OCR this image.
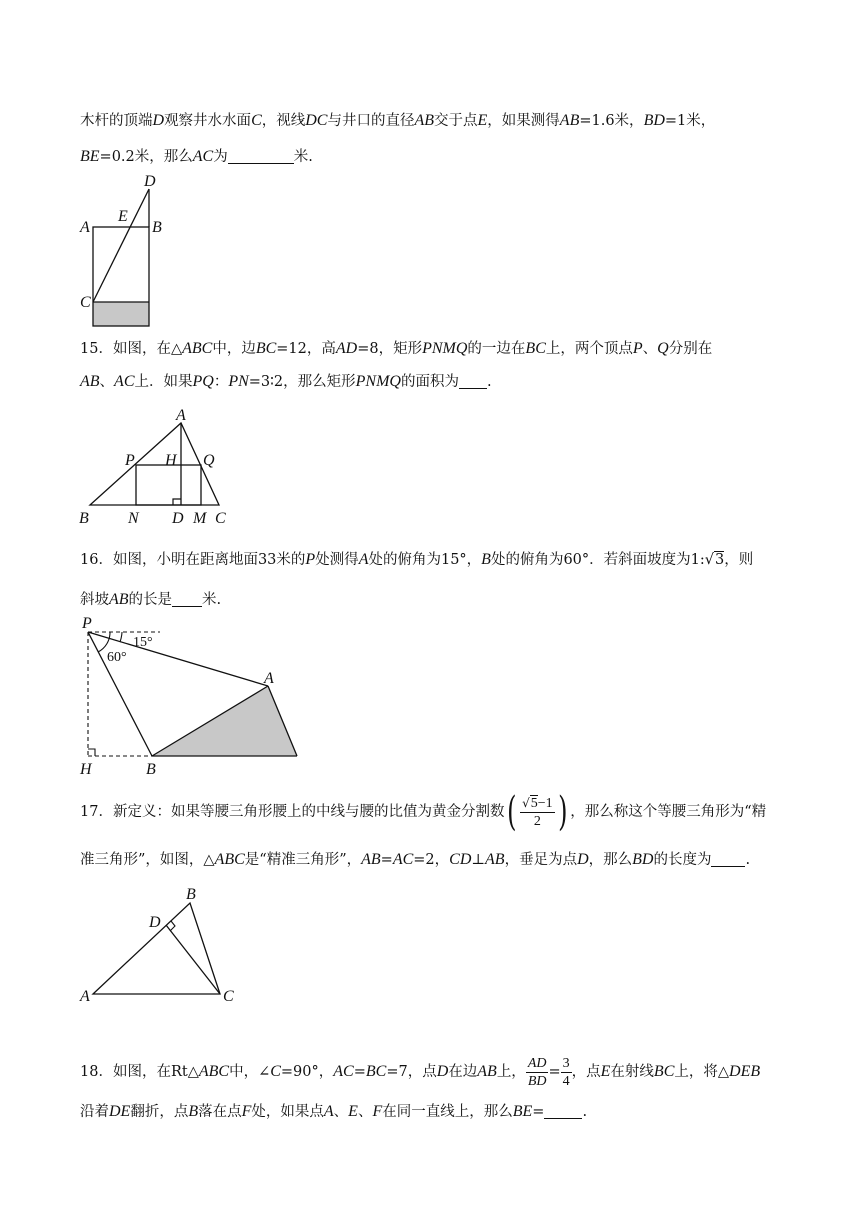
木杆的顶端D观察井水水面C，视线DC与井口的直径AB交于点E，如果测得AB=1.6米，BD=1米，
BE=0.2米，那么AC为	米.
D
A
E
B
C
15．如图，在△ABC中，边BC=12，高AD=8，矩形PNMQ的一边在BC上，两个顶点P、Q分别在
AB、AC上．如果PQ：PN=3∶2，那么矩形PNMQ的面积为 .
A
P H Q
B N D M C
16．如图，小明在距离地面33米的P处测得A处的俯角为15°，B处的俯角为60°．若斜面坡度为1:√3，则
斜坡AB的长是 米.
P
15°
60°
A
H	B
17．新定义：如果等腰三角形腰上的中线与腰的比值为黄金分割数( $\frac{√5-1}{2}$ ) ，那么称这个等腰三角形为“精
准三角形”，如图，△ABC是“精准三角形”，AB=AC=2，CD⊥AB，垂足为点D，那么BD的长度为 .
B
D
A	C
18．如图，在Rt△ABC中，∠C=90°，AC=BC=7，点D在边AB上， $\frac{AD}{BD} = \frac{3}{4}$ ，点E在射线BC上，将△DEB
沿着DE翻折，点B落在点F处，如果点A、E、F在同一直线上，那么BE=	.
